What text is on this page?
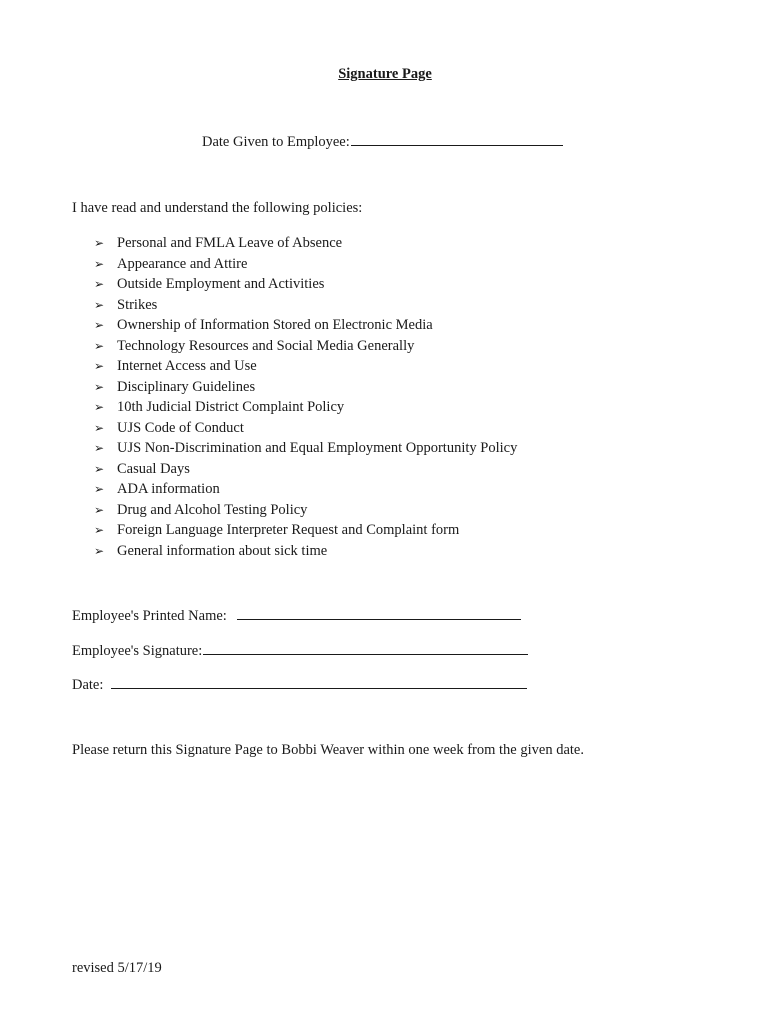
Signature Page
Date Given to Employee:
I have read and understand the following policies:
➢ Personal and FMLA Leave of Absence
➢ Appearance and Attire
➢ Outside Employment and Activities
➢ Strikes
➢ Ownership of Information Stored on Electronic Media
➢ Technology Resources and Social Media Generally
➢ Internet Access and Use
➢ Disciplinary Guidelines
➢ 10th Judicial District Complaint Policy
➢ UJS Code of Conduct
➢ UJS Non-Discrimination and Equal Employment Opportunity Policy
➢ Casual Days
➢ ADA information
➢ Drug and Alcohol Testing Policy
➢ Foreign Language Interpreter Request and Complaint form
➢ General information about sick time
Employee's Printed Name:
Employee's Signature:
Date:
Please return this Signature Page to Bobbi Weaver within one week from the given date.
revised 5/17/19
